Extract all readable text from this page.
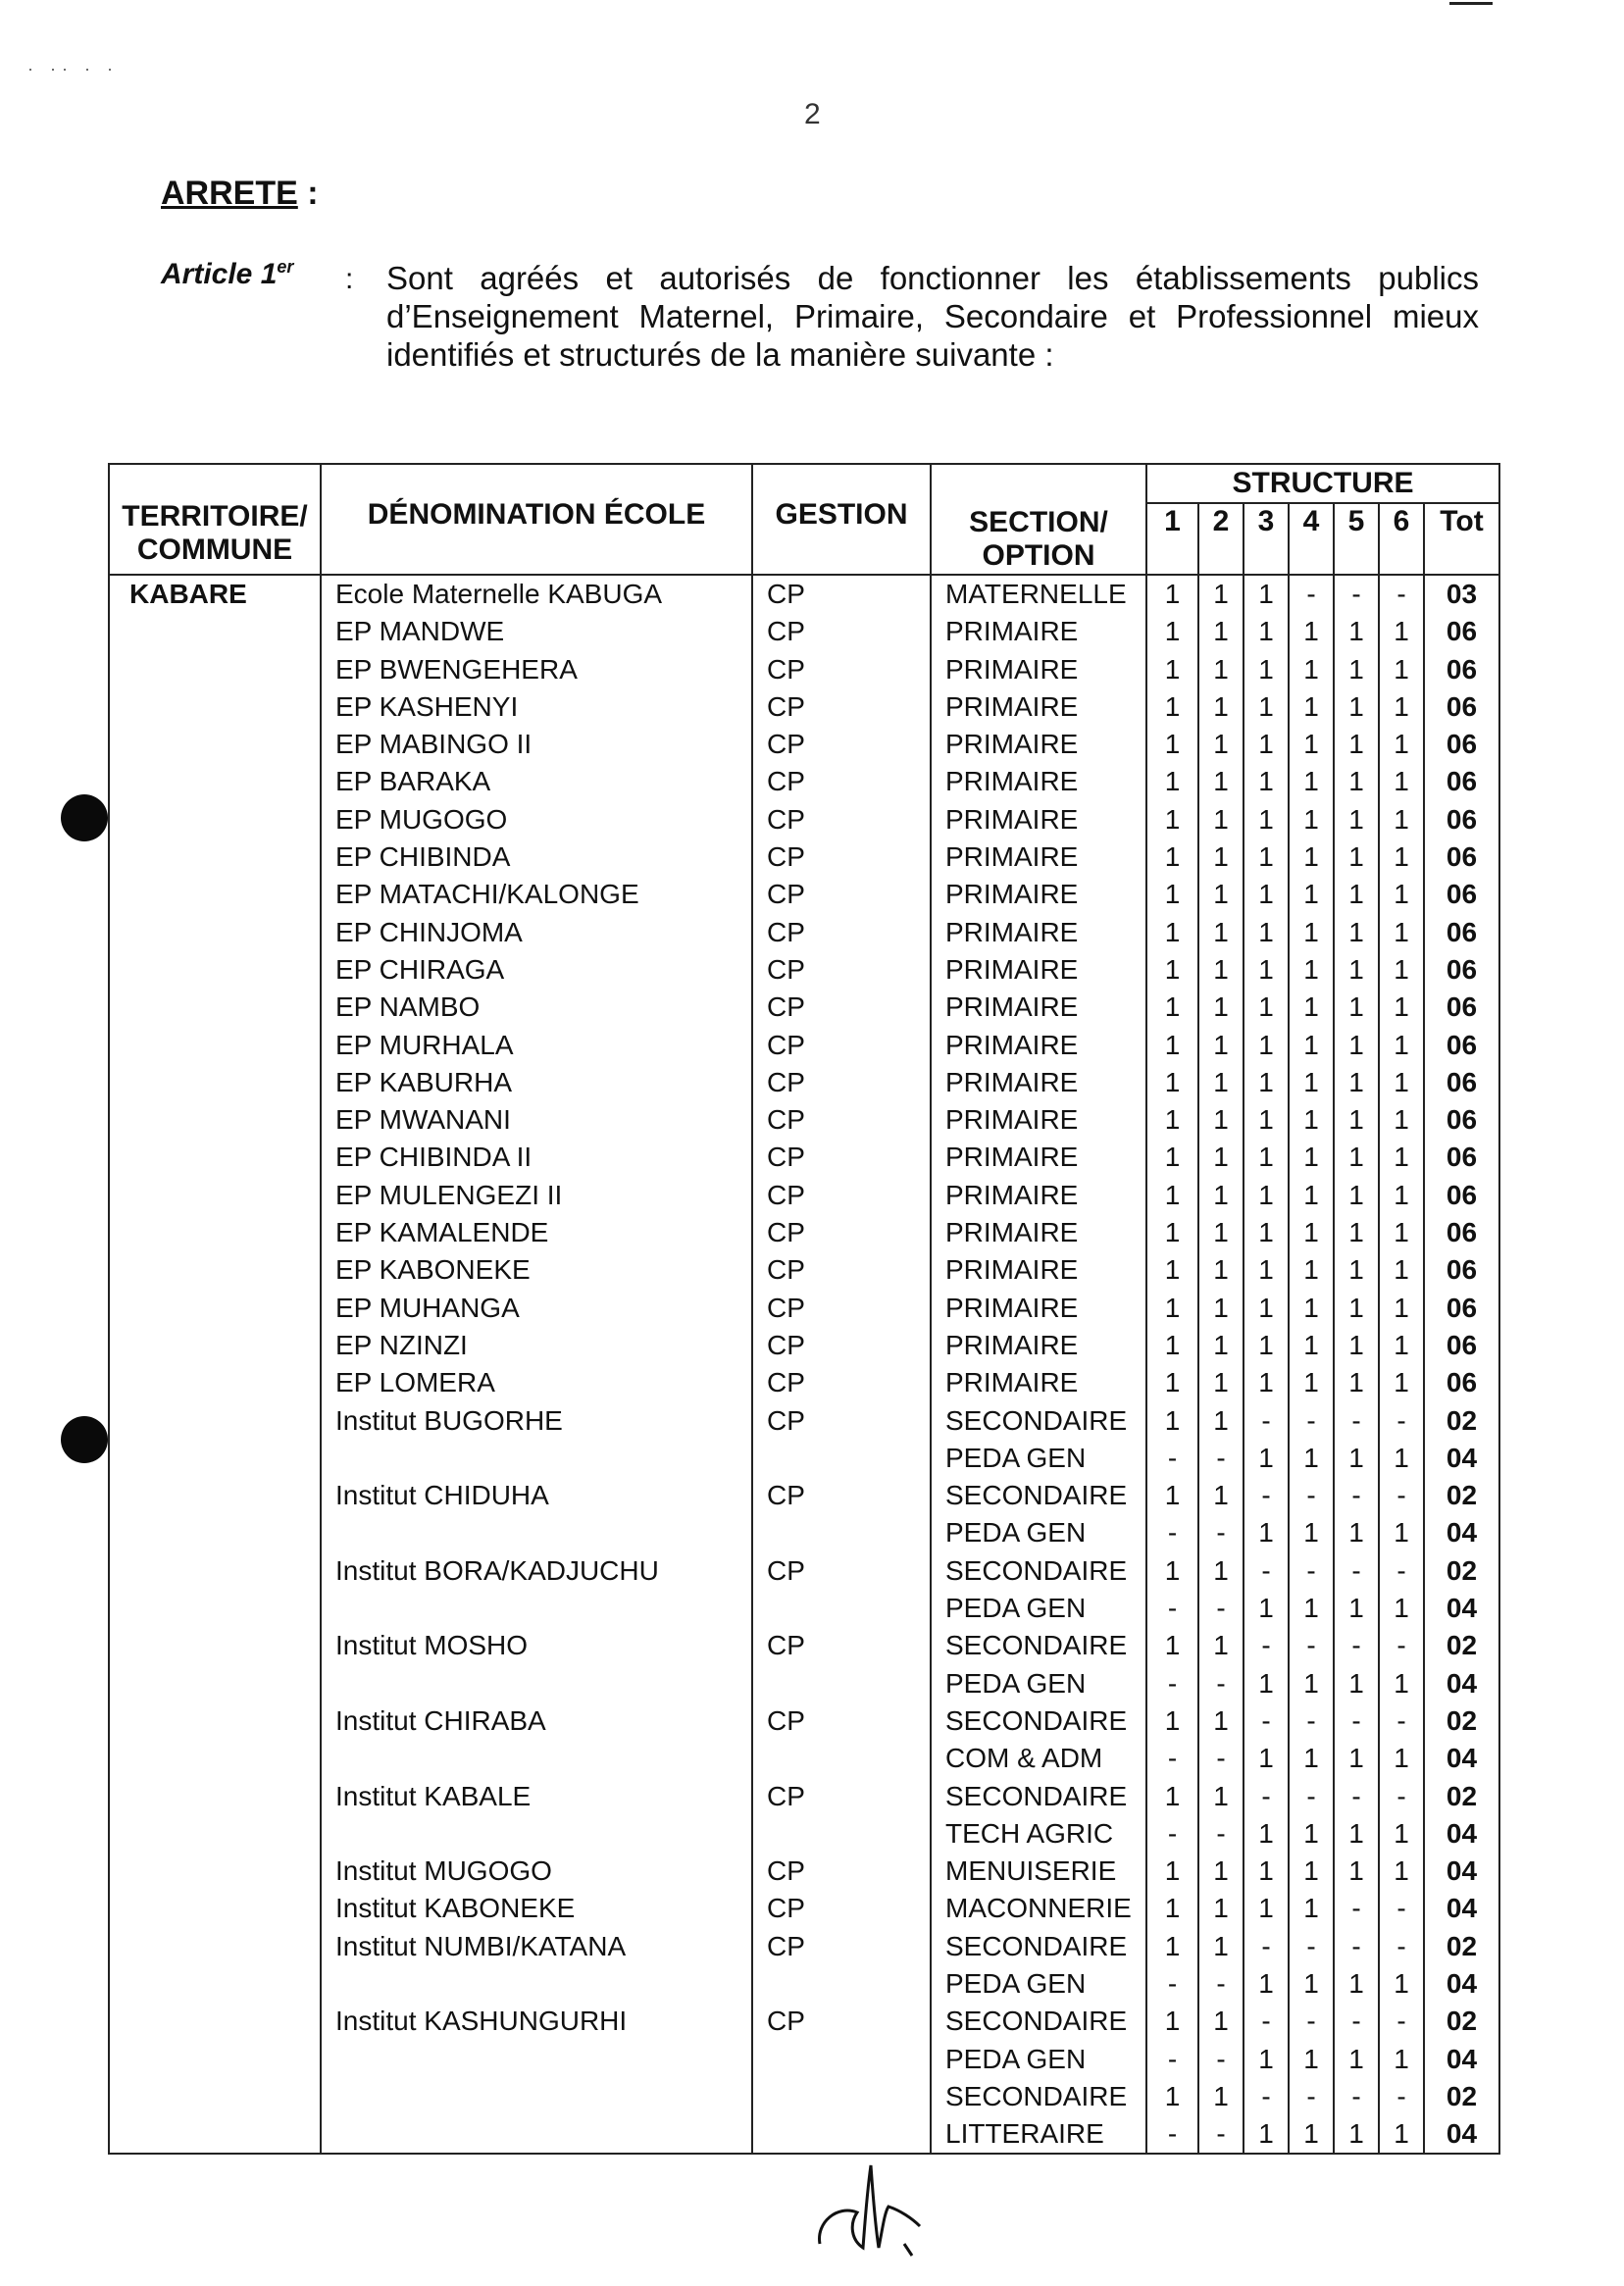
· ·· · ·
2
ARRETE :
Article 1er : Sont agréés et autorisés de fonctionner les établissements publics d’Enseignement Maternel, Primaire, Secondaire et Professionnel mieux identifiés et structurés de la manière suivante :
TERRITOIRE/ COMMUNE	DÉNOMINATION ÉCOLE	GESTION	SECTION/ OPTION	STRUCTURE						
				1	2	3	4	5	6	Tot
KABARE	Ecole Maternelle KABUGA	CP	MATERNELLE	1	1	1	-	-	-	03
	EP MANDWE	CP	PRIMAIRE	1	1	1	1	1	1	06
	EP BWENGEHERA	CP	PRIMAIRE	1	1	1	1	1	1	06
	EP KASHENYI	CP	PRIMAIRE	1	1	1	1	1	1	06
	EP MABINGO II	CP	PRIMAIRE	1	1	1	1	1	1	06
	EP BARAKA	CP	PRIMAIRE	1	1	1	1	1	1	06
	EP MUGOGO	CP	PRIMAIRE	1	1	1	1	1	1	06
	EP CHIBINDA	CP	PRIMAIRE	1	1	1	1	1	1	06
	EP MATACHI/KALONGE	CP	PRIMAIRE	1	1	1	1	1	1	06
	EP CHINJOMA	CP	PRIMAIRE	1	1	1	1	1	1	06
	EP CHIRAGA	CP	PRIMAIRE	1	1	1	1	1	1	06
	EP NAMBO	CP	PRIMAIRE	1	1	1	1	1	1	06
	EP MURHALA	CP	PRIMAIRE	1	1	1	1	1	1	06
	EP KABURHA	CP	PRIMAIRE	1	1	1	1	1	1	06
	EP MWANANI	CP	PRIMAIRE	1	1	1	1	1	1	06
	EP CHIBINDA II	CP	PRIMAIRE	1	1	1	1	1	1	06
	EP MULENGEZI II	CP	PRIMAIRE	1	1	1	1	1	1	06
	EP KAMALENDE	CP	PRIMAIRE	1	1	1	1	1	1	06
	EP KABONEKE	CP	PRIMAIRE	1	1	1	1	1	1	06
	EP MUHANGA	CP	PRIMAIRE	1	1	1	1	1	1	06
	EP NZINZI	CP	PRIMAIRE	1	1	1	1	1	1	06
	EP LOMERA	CP	PRIMAIRE	1	1	1	1	1	1	06
	Institut BUGORHE	CP	SECONDAIRE	1	1	-	-	-	-	02
			PEDA GEN	-	-	1	1	1	1	04
	Institut CHIDUHA	CP	SECONDAIRE	1	1	-	-	-	-	02
			PEDA GEN	-	-	1	1	1	1	04
	Institut BORA/KADJUCHU	CP	SECONDAIRE	1	1	-	-	-	-	02
			PEDA GEN	-	-	1	1	1	1	04
	Institut MOSHO	CP	SECONDAIRE	1	1	-	-	-	-	02
			PEDA GEN	-	-	1	1	1	1	04
	Institut CHIRABA	CP	SECONDAIRE	1	1	-	-	-	-	02
			COM & ADM	-	-	1	1	1	1	04
	Institut KABALE	CP	SECONDAIRE	1	1	-	-	-	-	02
			TECH AGRIC	-	-	1	1	1	1	04
	Institut MUGOGO	CP	MENUISERIE	1	1	1	1	1	1	04
	Institut KABONEKE	CP	MACONNERIE	1	1	1	1	-	-	04
	Institut NUMBI/KATANA	CP	SECONDAIRE	1	1	-	-	-	-	02
			PEDA GEN	-	-	1	1	1	1	04
	Institut KASHUNGURHI	CP	SECONDAIRE	1	1	-	-	-	-	02
			PEDA GEN	-	-	1	1	1	1	04
			SECONDAIRE	1	1	-	-	-	-	02
			LITTERAIRE	-	-	1	1	1	1	04
